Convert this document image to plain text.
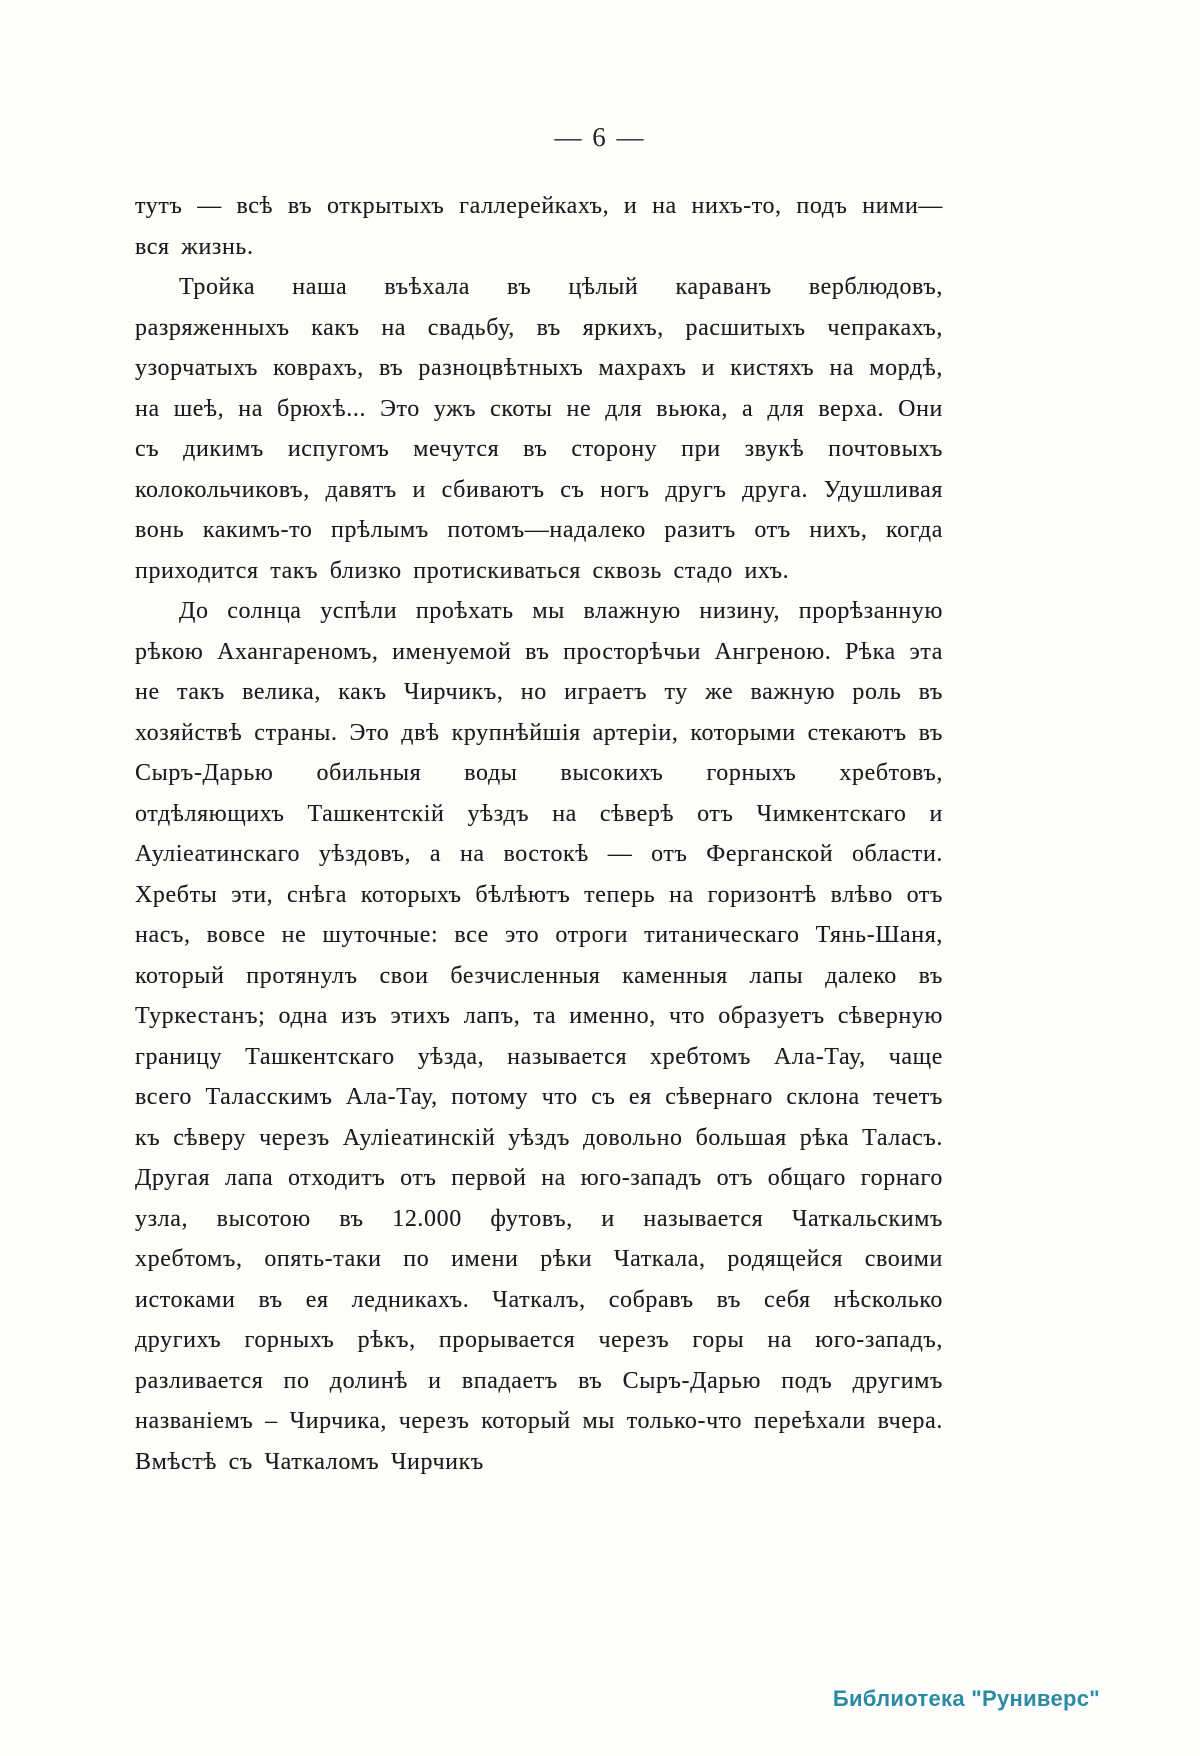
— 6 —

тутъ — всѣ въ открытыхъ галлерейкахъ, и на нихъ-то, подъ ними—вся жизнь.

Тройка наша въѣхала въ цѣлый караванъ верблюдовъ, разряженныхъ какъ на свадьбу, въ яркихъ, расшитыхъ чепракахъ, узорчатыхъ коврахъ, въ разноцвѣтныхъ махрахъ и кистяхъ на мордѣ, на шеѣ, на брюхѣ... Это ужъ скоты не для вьюка, а для верха. Они съ дикимъ испугомъ мечутся въ сторону при звукѣ почтовыхъ колокольчиковъ, давятъ и сбиваютъ съ ногъ другъ друга. Удушливая вонь какимъ-то прѣлымъ потомъ—надалеко разитъ отъ нихъ, когда приходится такъ близко протискиваться сквозь стадо ихъ.

До солнца успѣли проѣхать мы влажную низину, прорѣзанную рѣкою Ахангареномъ, именуемой въ просторѣчьи Ангреною. Рѣка эта не такъ велика, какъ Чирчикъ, но играетъ ту же важную роль въ хозяйствѣ страны. Это двѣ крупнѣйшія артеріи, которыми стекаютъ въ Сыръ-Дарью обильныя воды высокихъ горныхъ хребтовъ, отдѣляющихъ Ташкентскій уѣздъ на сѣверѣ отъ Чимкентскаго и Ауліеатинскаго уѣздовъ, а на востокѣ — отъ Ферганской области. Хребты эти, снѣга которыхъ бѣлѣютъ теперь на горизонтѣ влѣво отъ насъ, вовсе не шуточные: все это отроги титаническаго Тянь-Шаня, который протянулъ свои безчисленныя каменныя лапы далеко въ Туркестанъ; одна изъ этихъ лапъ, та именно, что образуетъ сѣверную границу Ташкентскаго уѣзда, называется хребтомъ Ала-Тау, чаще всего Таласскимъ Ала-Тау, потому что съ ея сѣвернаго склона течетъ къ сѣверу черезъ Ауліеатинскій уѣздъ довольно большая рѣка Таласъ. Другая лапа отходитъ отъ первой на юго-западъ отъ общаго горнаго узла, высотою въ 12.000 футовъ, и называется Чаткальскимъ хребтомъ, опять-таки по имени рѣки Чаткала, родящейся своими истоками въ ея ледникахъ. Чаткалъ, собравъ въ себя нѣсколько другихъ горныхъ рѣкъ, прорывается черезъ горы на юго-западъ, разливается по долинѣ и впадаетъ въ Сыръ-Дарью подъ другимъ названіемъ – Чирчика, черезъ который мы только-что переѣхали вчера. Вмѣстѣ съ Чаткаломъ Чирчикъ

Библиотека "Руниверс"
